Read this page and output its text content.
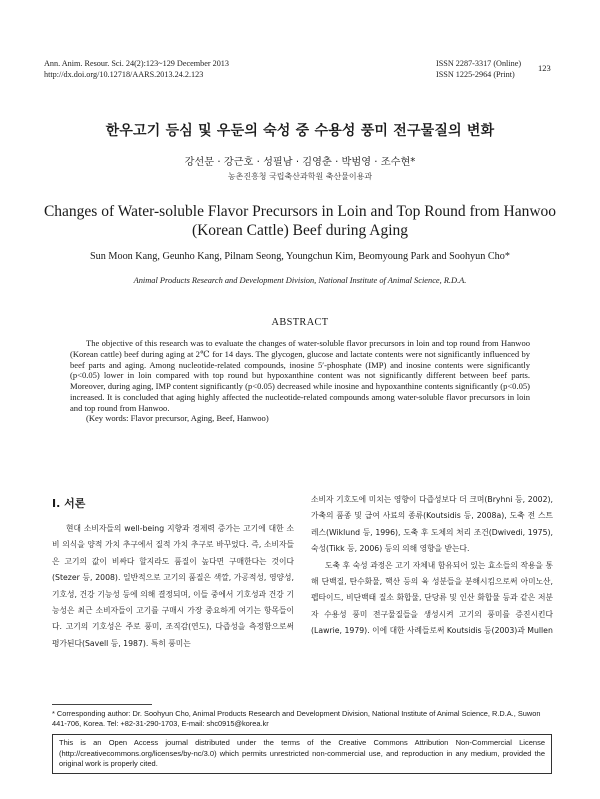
Ann. Anim. Resour. Sci. 24(2):123~129 December 2013
http://dx.doi.org/10.12718/AARS.2013.24.2.123
ISSN 2287-3317 (Online)
ISSN 1225-2964 (Print)
123
한우고기 등심 및 우둔의 숙성 중 수용성 풍미 전구물질의 변화
강선문 · 강근호 · 성필남 · 김영춘 · 박범영 · 조수현*
농촌진흥청 국립축산과학원 축산물이용과
Changes of Water-soluble Flavor Precursors in Loin and Top Round from Hanwoo (Korean Cattle) Beef during Aging
Sun Moon Kang, Geunho Kang, Pilnam Seong, Youngchun Kim, Beomyoung Park and Soohyun Cho*
Animal Products Research and Development Division, National Institute of Animal Science, R.D.A.
ABSTRACT

The objective of this research was to evaluate the changes of water-soluble flavor precursors in loin and top round from Hanwoo (Korean cattle) beef during aging at 2℃ for 14 days. The glycogen, glucose and lactate contents were not significantly influenced by beef parts and aging. Among nucleotide-related compounds, inosine 5′-phosphate (IMP) and inosine contents were significantly (p<0.05) lower in loin compared with top round but hypoxanthine content was not significantly different between beef parts. Moreover, during aging, IMP content significantly (p<0.05) decreased while inosine and hypoxanthine contents significantly (p<0.05) increased. It is concluded that aging highly affected the nucleotide-related compounds among water-soluble flavor precursors in loin and top round from Hanwoo.

(Key words: Flavor precursor, Aging, Beef, Hanwoo)

Ⅰ. 서론

현대 소비자들의 well-being 지향과 경제력 증가는 고기에 대한 소비 의식을 양적 가치 추구에서 질적 가치 추구로 바꾸었다. 즉, 소비자들은 고기의 값이 비싸다 할지라도 품질이 높다면 구매한다는 것이다(Stezer 등, 2008). 일반적으로 고기의 품질은 색깔, 가공적성, 영양성, 기호성, 건강 기능성 등에 의해 결정되며, 이들 중에서 기호성과 건강 기능성은 최근 소비자들이 고기를 구매시 가장 중요하게 여기는 항목들이다. 고기의 기호성은 주로 풍미, 조직감(연도), 다즙성을 측정함으로써 평가된다(Savell 등, 1987). 특히 풍미는

소비자 기호도에 미치는 영향이 다즙성보다 더 크며(Bryhni 등, 2002), 가축의 품종 및 급여 사료의 종류(Koutsidis 등, 2008a), 도축 전 스트레스(Wiklund 등, 1996), 도축 후 도체의 처리 조건(Dwivedi, 1975), 숙성(Tikk 등, 2006) 등의 의해 영향을 받는다.

도축 후 숙성 과정은 고기 자체내 함유되어 있는 효소들의 작용을 통해 단백질, 탄수화물, 핵산 등의 육 성분들을 분해시킴으로써 아미노산, 펩타이드, 비단백태 질소 화합물, 단당류 및 인산 화합물 등과 같은 저분자 수용성 풍미 전구물질들을 생성시켜 고기의 풍미를 증진시킨다(Lawrie, 1979). 이에 대한 사례들로써 Koutsidis 등(2003)과 Mullen

* Corresponding author: Dr. Soohyun Cho, Animal Products Research and Development Division, National Institute of Animal Science, R.D.A., Suwon 441-706, Korea. Tel: +82-31-290-1703, E-mail: shc0915@korea.kr
This is an Open Access journal distributed under the terms of the Creative Commons Attribution Non-Commercial License (http://creativecommons.org/licenses/by-nc/3.0) which permits unrestricted non-commercial use, and reproduction in any medium, provided the original work is properly cited.
